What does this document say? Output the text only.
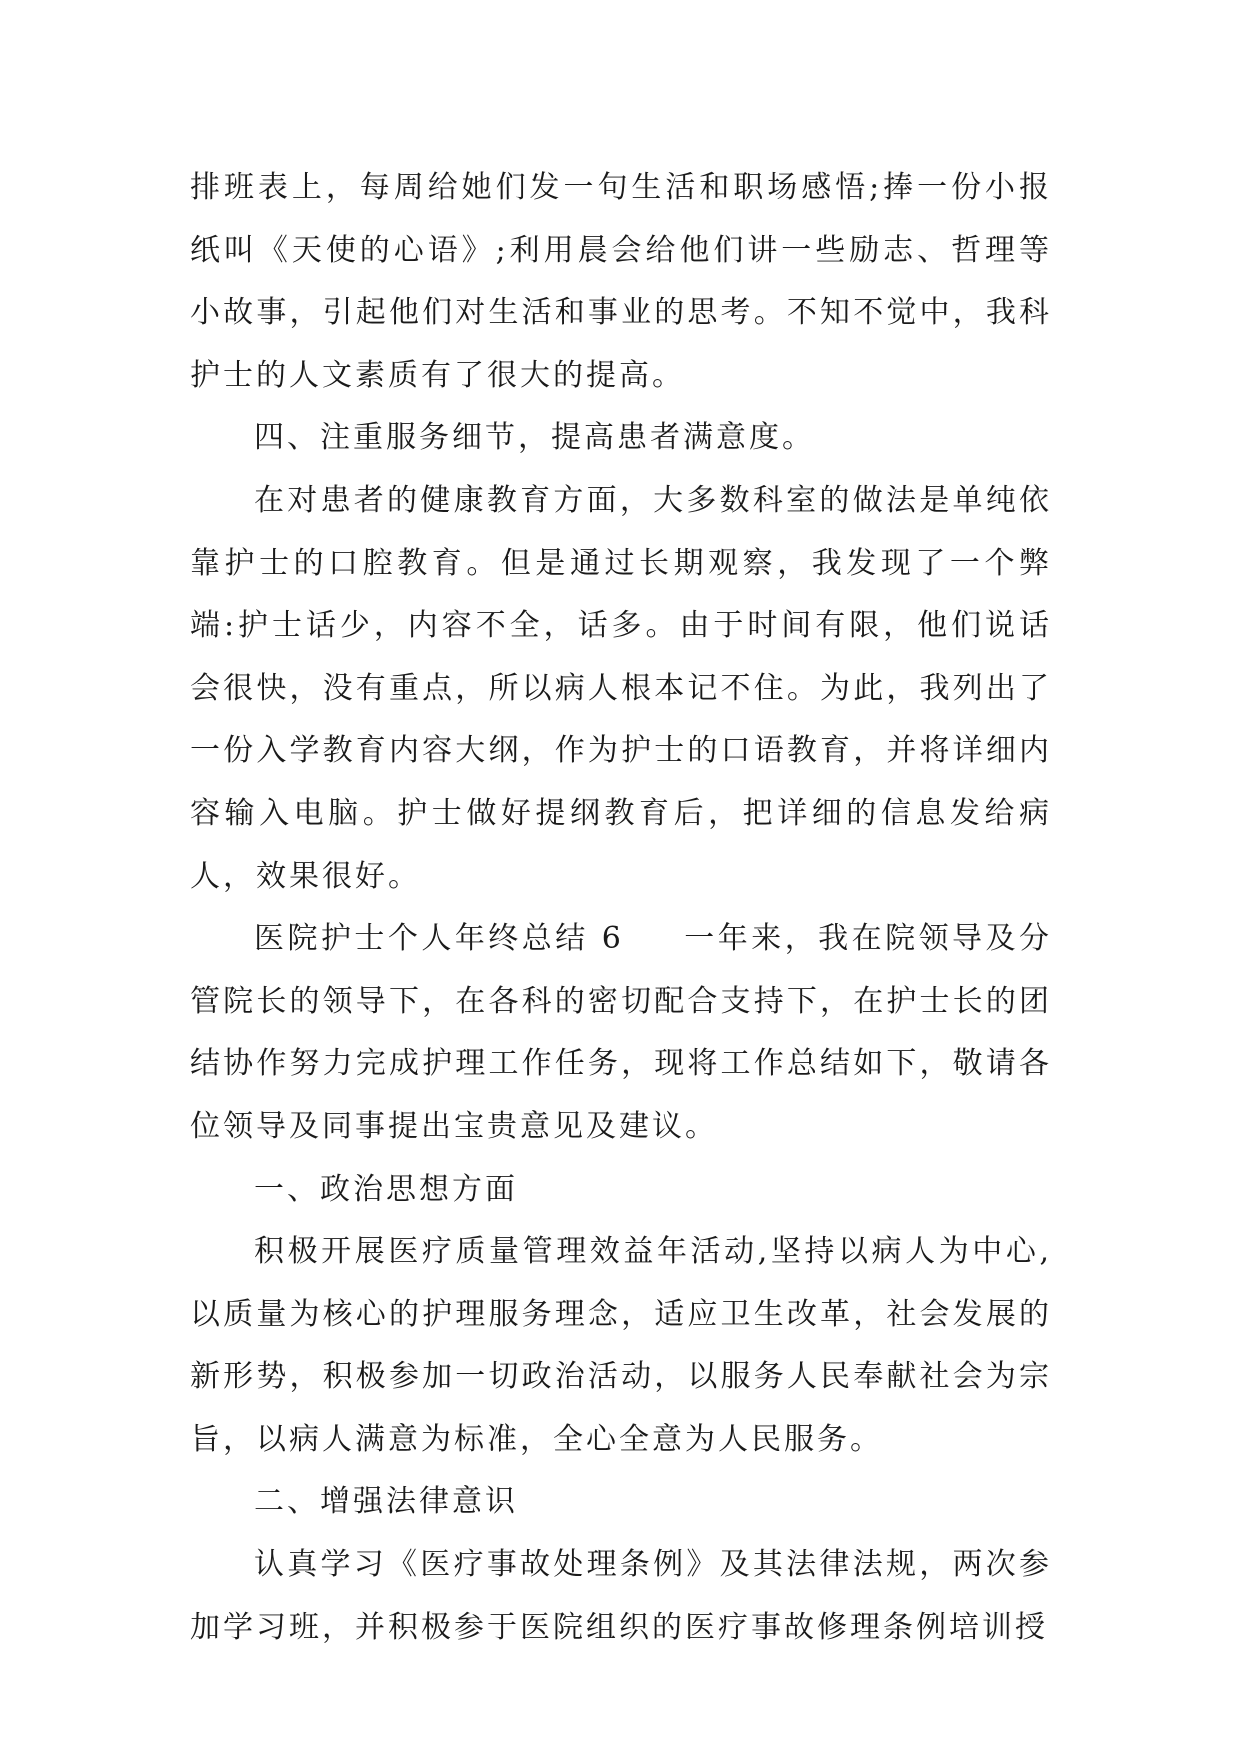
排班表上，每周给她们发一句生活和职场感悟;捧一份小报纸叫《天使的心语》;利用晨会给他们讲一些励志、哲理等小故事，引起他们对生活和事业的思考。不知不觉中，我科护士的人文素质有了很大的提高。

四、注重服务细节，提高患者满意度。

在对患者的健康教育方面，大多数科室的做法是单纯依靠护士的口腔教育。但是通过长期观察，我发现了一个弊端:护士话少，内容不全，话多。由于时间有限，他们说话会很快，没有重点，所以病人根本记不住。为此，我列出了一份入学教育内容大纲，作为护士的口语教育，并将详细内容输入电脑。护士做好提纲教育后，把详细的信息发给病人，效果很好。

医院护士个人年终总结 6 一年来，我在院领导及分管院长的领导下，在各科的密切配合支持下，在护士长的团结协作努力完成护理工作任务，现将工作总结如下，敬请各位领导及同事提出宝贵意见及建议。

一、政治思想方面

积极开展医疗质量管理效益年活动,坚持以病人为中心,以质量为核心的护理服务理念，适应卫生改革，社会发展的新形势，积极参加一切政治活动，以服务人民奉献社会为宗旨，以病人满意为标准，全心全意为人民服务。

二、增强法律意识

认真学习《医疗事故处理条例》及其法律法规，两次参加学习班，并积极参于医院组织的医疗事故修理条例培训授
